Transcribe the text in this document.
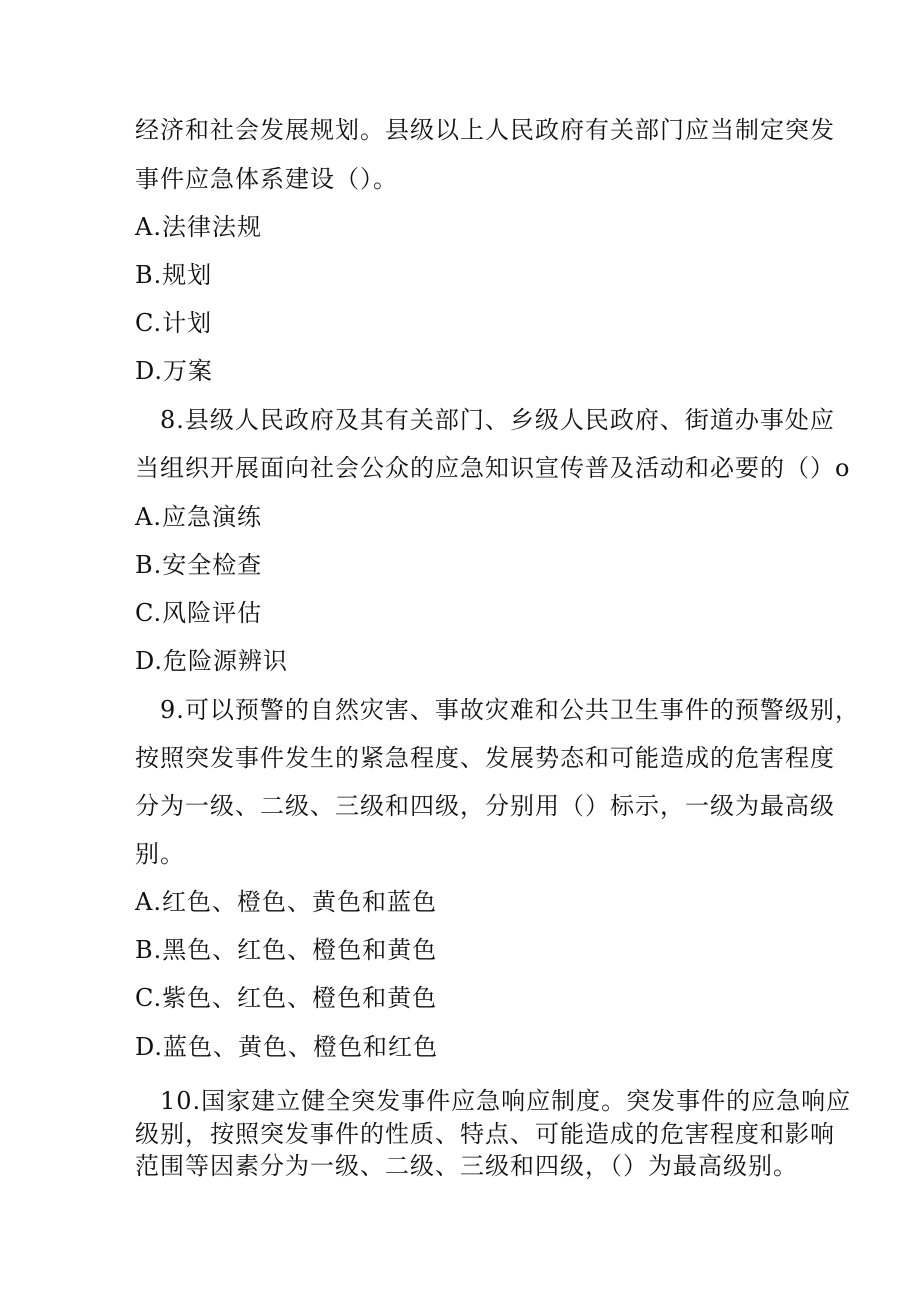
经济和社会发展规划。县级以上人民政府有关部门应当制定突发
事件应急体系建设（）。
A.法律法规
B.规划
C.计划
D.万案
8.县级人民政府及其有关部门、乡级人民政府、街道办事处应
当组织开展面向社会公众的应急知识宣传普及活动和必要的（）o
A.应急演练
B.安全检查
C.风险评估
D.危险源辨识
9.可以预警的自然灾害、事故灾难和公共卫生事件的预警级别，
按照突发事件发生的紧急程度、发展势态和可能造成的危害程度
分为一级、二级、三级和四级，分别用（）标示，一级为最高级
别。
A.红色、橙色、黄色和蓝色
B.黑色、红色、橙色和黄色
C.紫色、红色、橙色和黄色
D.蓝色、黄色、橙色和红色
10.国家建立健全突发事件应急响应制度。突发事件的应急响应
级别，按照突发事件的性质、特点、可能造成的危害程度和影响
范围等因素分为一级、二级、三级和四级，（）为最高级别。
